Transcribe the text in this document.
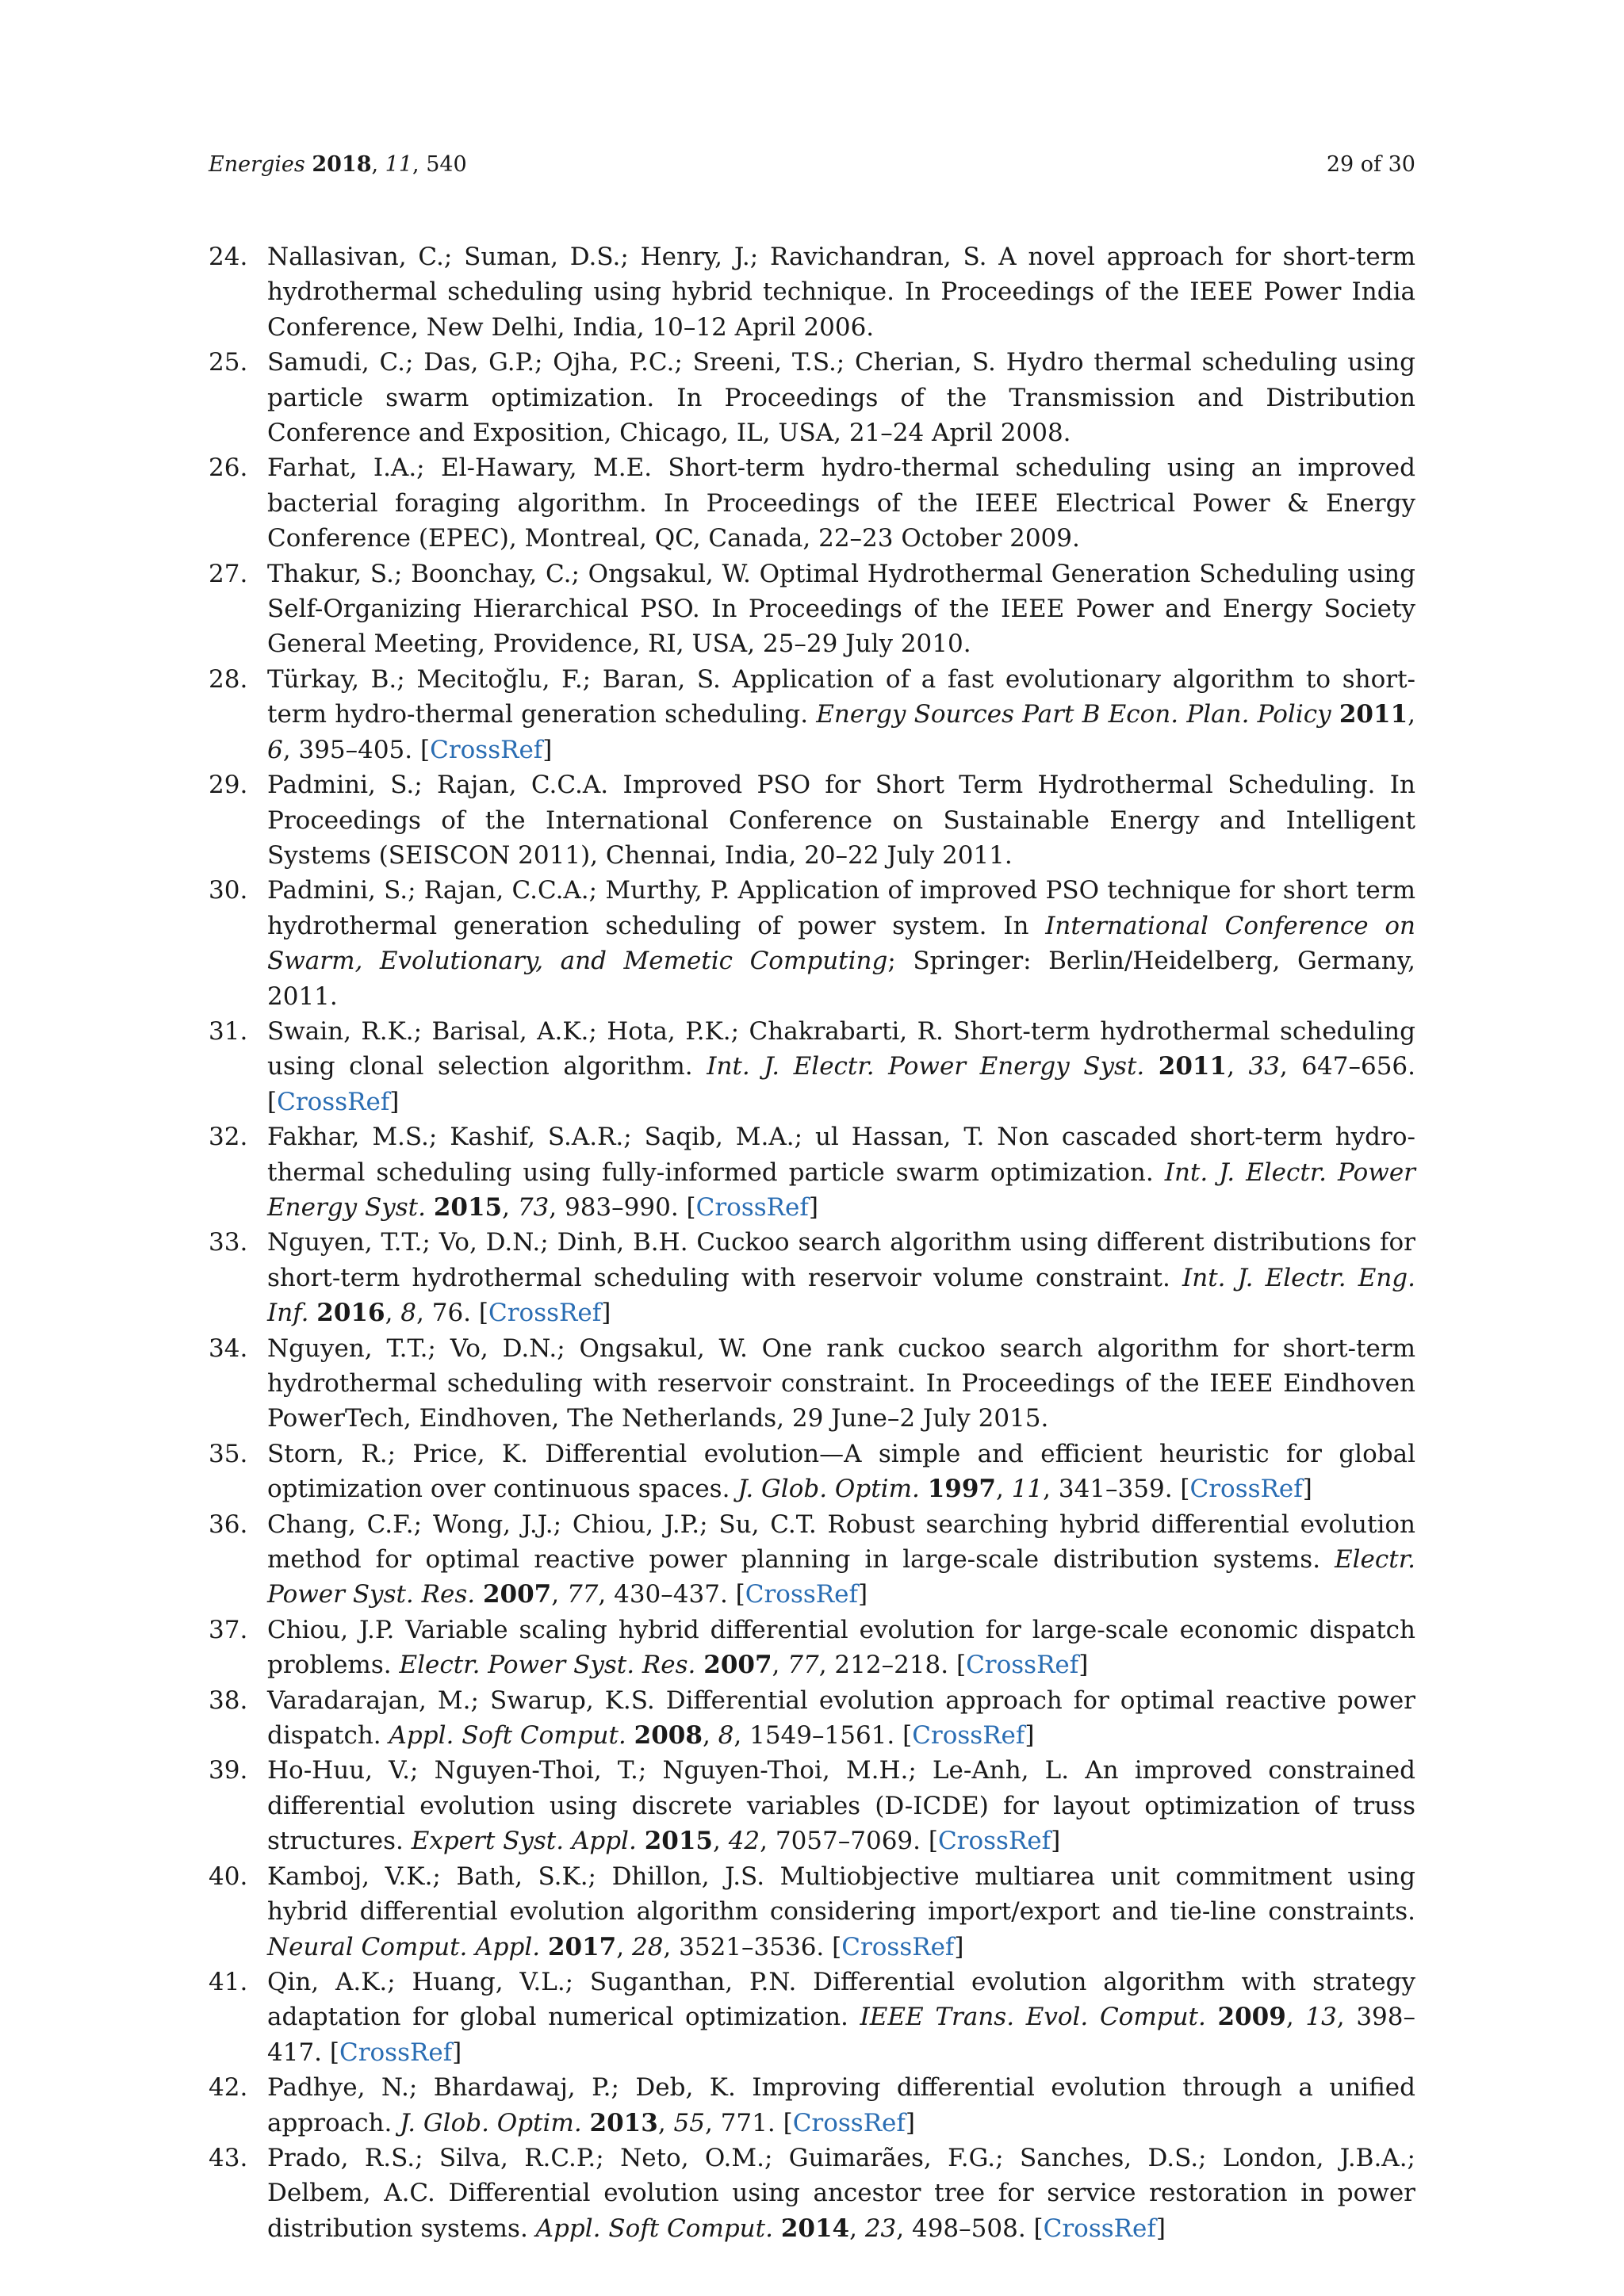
Energies 2018, 11, 540	29 of 30
24. Nallasivan, C.; Suman, D.S.; Henry, J.; Ravichandran, S. A novel approach for short-term hydrothermal scheduling using hybrid technique. In Proceedings of the IEEE Power India Conference, New Delhi, India, 10–12 April 2006.
25. Samudi, C.; Das, G.P.; Ojha, P.C.; Sreeni, T.S.; Cherian, S. Hydro thermal scheduling using particle swarm optimization. In Proceedings of the Transmission and Distribution Conference and Exposition, Chicago, IL, USA, 21–24 April 2008.
26. Farhat, I.A.; El-Hawary, M.E. Short-term hydro-thermal scheduling using an improved bacterial foraging algorithm. In Proceedings of the IEEE Electrical Power & Energy Conference (EPEC), Montreal, QC, Canada, 22–23 October 2009.
27. Thakur, S.; Boonchay, C.; Ongsakul, W. Optimal Hydrothermal Generation Scheduling using Self-Organizing Hierarchical PSO. In Proceedings of the IEEE Power and Energy Society General Meeting, Providence, RI, USA, 25–29 July 2010.
28. Türkay, B.; Mecitoğlu, F.; Baran, S. Application of a fast evolutionary algorithm to short-term hydro-thermal generation scheduling. Energy Sources Part B Econ. Plan. Policy 2011, 6, 395–405. [CrossRef]
29. Padmini, S.; Rajan, C.C.A. Improved PSO for Short Term Hydrothermal Scheduling. In Proceedings of the International Conference on Sustainable Energy and Intelligent Systems (SEISCON 2011), Chennai, India, 20–22 July 2011.
30. Padmini, S.; Rajan, C.C.A.; Murthy, P. Application of improved PSO technique for short term hydrothermal generation scheduling of power system. In International Conference on Swarm, Evolutionary, and Memetic Computing; Springer: Berlin/Heidelberg, Germany, 2011.
31. Swain, R.K.; Barisal, A.K.; Hota, P.K.; Chakrabarti, R. Short-term hydrothermal scheduling using clonal selection algorithm. Int. J. Electr. Power Energy Syst. 2011, 33, 647–656. [CrossRef]
32. Fakhar, M.S.; Kashif, S.A.R.; Saqib, M.A.; ul Hassan, T. Non cascaded short-term hydro-thermal scheduling using fully-informed particle swarm optimization. Int. J. Electr. Power Energy Syst. 2015, 73, 983–990. [CrossRef]
33. Nguyen, T.T.; Vo, D.N.; Dinh, B.H. Cuckoo search algorithm using different distributions for short-term hydrothermal scheduling with reservoir volume constraint. Int. J. Electr. Eng. Inf. 2016, 8, 76. [CrossRef]
34. Nguyen, T.T.; Vo, D.N.; Ongsakul, W. One rank cuckoo search algorithm for short-term hydrothermal scheduling with reservoir constraint. In Proceedings of the IEEE Eindhoven PowerTech, Eindhoven, The Netherlands, 29 June–2 July 2015.
35. Storn, R.; Price, K. Differential evolution—A simple and efficient heuristic for global optimization over continuous spaces. J. Glob. Optim. 1997, 11, 341–359. [CrossRef]
36. Chang, C.F.; Wong, J.J.; Chiou, J.P.; Su, C.T. Robust searching hybrid differential evolution method for optimal reactive power planning in large-scale distribution systems. Electr. Power Syst. Res. 2007, 77, 430–437. [CrossRef]
37. Chiou, J.P. Variable scaling hybrid differential evolution for large-scale economic dispatch problems. Electr. Power Syst. Res. 2007, 77, 212–218. [CrossRef]
38. Varadarajan, M.; Swarup, K.S. Differential evolution approach for optimal reactive power dispatch. Appl. Soft Comput. 2008, 8, 1549–1561. [CrossRef]
39. Ho-Huu, V.; Nguyen-Thoi, T.; Nguyen-Thoi, M.H.; Le-Anh, L. An improved constrained differential evolution using discrete variables (D-ICDE) for layout optimization of truss structures. Expert Syst. Appl. 2015, 42, 7057–7069. [CrossRef]
40. Kamboj, V.K.; Bath, S.K.; Dhillon, J.S. Multiobjective multiarea unit commitment using hybrid differential evolution algorithm considering import/export and tie-line constraints. Neural Comput. Appl. 2017, 28, 3521–3536. [CrossRef]
41. Qin, A.K.; Huang, V.L.; Suganthan, P.N. Differential evolution algorithm with strategy adaptation for global numerical optimization. IEEE Trans. Evol. Comput. 2009, 13, 398–417. [CrossRef]
42. Padhye, N.; Bhardawaj, P.; Deb, K. Improving differential evolution through a unified approach. J. Glob. Optim. 2013, 55, 771. [CrossRef]
43. Prado, R.S.; Silva, R.C.P.; Neto, O.M.; Guimarães, F.G.; Sanches, D.S.; London, J.B.A.; Delbem, A.C. Differential evolution using ancestor tree for service restoration in power distribution systems. Appl. Soft Comput. 2014, 23, 498–508. [CrossRef]
